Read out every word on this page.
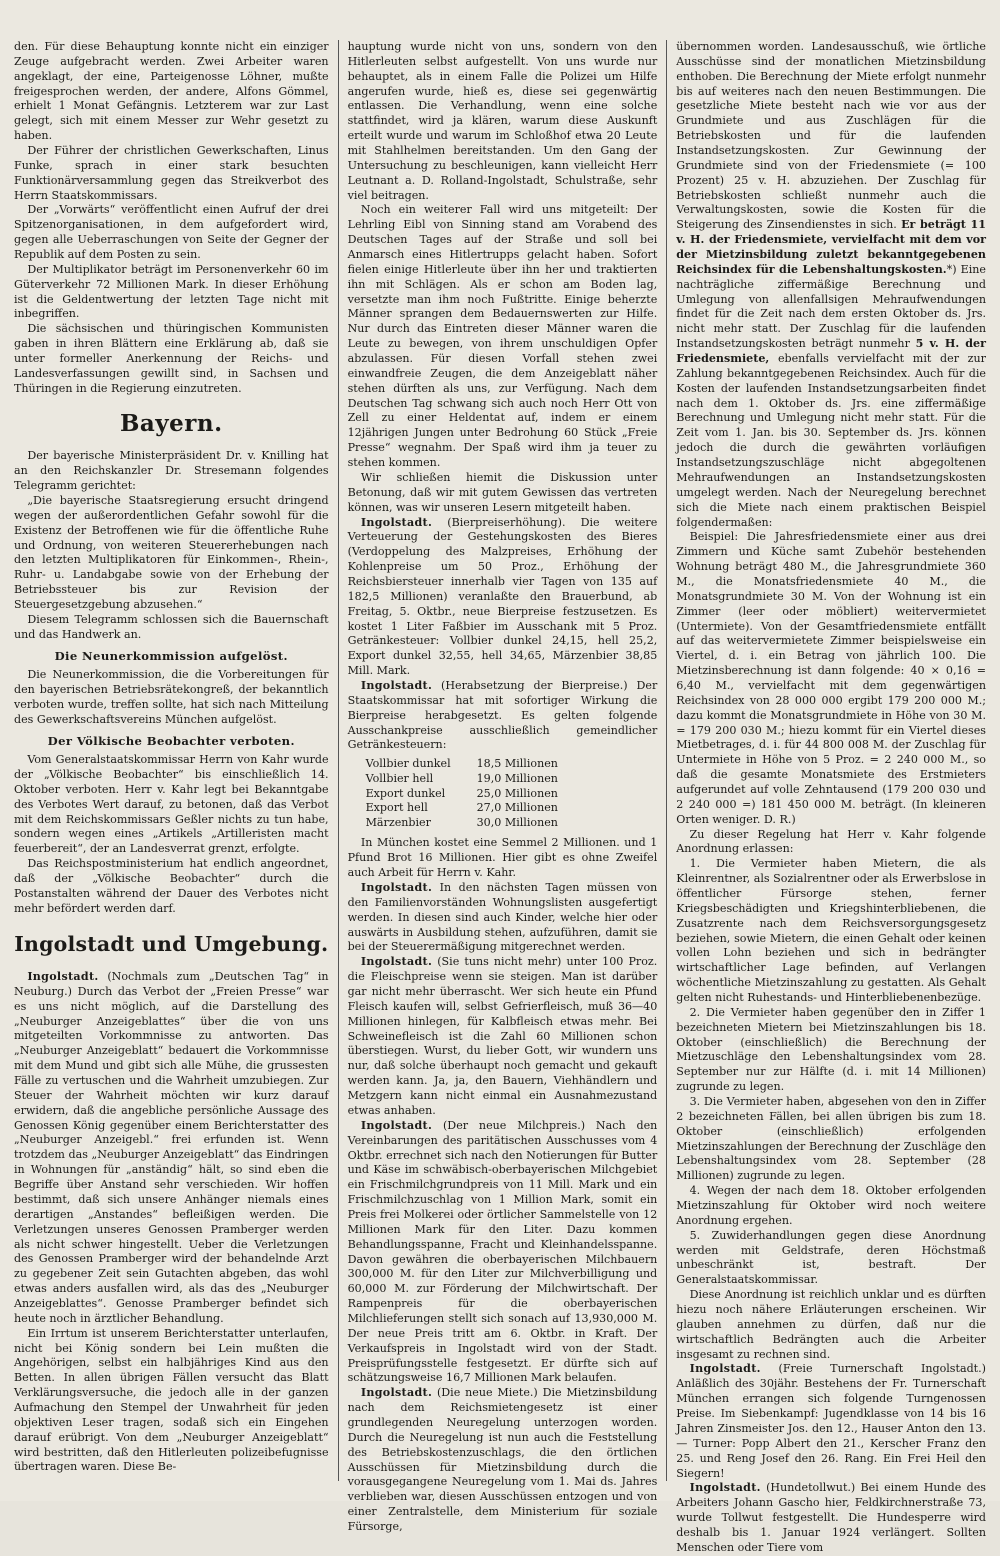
den. Für diese Behauptung konnte nicht ein einziger Zeuge aufgebracht werden. Zwei Arbeiter waren angeklagt, der eine, Parteigenosse Löhner, mußte freigesprochen werden, der andere, Alfons Gömmel, erhielt 1 Monat Gefängnis. Letzterem war zur Last gelegt, sich mit einem Messer zur Wehr gesetzt zu haben.

Der Führer der christlichen Gewerkschaften, Linus Funke, sprach in einer stark besuchten Funktionärversammlung gegen das Streikverbot des Herrn Staatskommissars.

Der „Vorwärts“ veröffentlicht einen Aufruf der drei Spitzenorganisationen, in dem aufgefordert wird, gegen alle Ueberraschungen von Seite der Gegner der Republik auf dem Posten zu sein.

Der Multiplikator beträgt im Personenverkehr 60 im Güterverkehr 72 Millionen Mark. In dieser Erhöhung ist die Geldentwertung der letzten Tage nicht mit inbegriffen.

Die sächsischen und thüringischen Kommunisten gaben in ihren Blättern eine Erklärung ab, daß sie unter formeller Anerkennung der Reichs- und Landesverfassungen gewillt sind, in Sachsen und Thüringen in die Regierung einzutreten.

Bayern.

Der bayerische Ministerpräsident Dr. v. Knilling hat an den Reichskanzler Dr. Stresemann folgendes Telegramm gerichtet:

„Die bayerische Staatsregierung ersucht dringend wegen der außerordentlichen Gefahr sowohl für die Existenz der Betroffenen wie für die öffentliche Ruhe und Ordnung, von weiteren Steuererhebungen nach den letzten Multiplikatoren für Einkommen-, Rhein-, Ruhr- u. Landabgabe sowie von der Erhebung der Betriebssteuer bis zur Revision der Steuergesetzgebung abzusehen.“

Diesem Telegramm schlossen sich die Bauernschaft und das Handwerk an.

Die Neunerkommission aufgelöst.

Die Neunerkommission, die die Vorbereitungen für den bayerischen Betriebsrätekongreß, der bekanntlich verboten wurde, treffen sollte, hat sich nach Mitteilung des Gewerkschaftsvereins München aufgelöst.

Der Völkische Beobachter verboten.

Vom Generalstaatskommissar Herrn von Kahr wurde der „Völkische Beobachter“ bis einschließlich 14. Oktober verboten. Herr v. Kahr legt bei Bekanntgabe des Verbotes Wert darauf, zu betonen, daß das Verbot mit dem Reichskommissars Geßler nichts zu tun habe, sondern wegen eines „Artikels „Artilleristen macht feuerbereit“, der an Landesverrat grenzt, erfolgte.

Das Reichspostministerium hat endlich angeordnet, daß der „Völkische Beobachter“ durch die Postanstalten während der Dauer des Verbotes nicht mehr befördert werden darf.

Ingolstadt und Umgebung.

Ingolstadt. (Nochmals zum „Deutschen Tag“ in Neuburg.) Durch das Verbot der „Freien Presse“ war es uns nicht möglich, auf die Darstellung des „Neuburger Anzeigeblattes“ über die von uns mitgeteilten Vorkommnisse zu antworten. Das „Neuburger Anzeigeblatt“ bedauert die Vorkommnisse mit dem Mund und gibt sich alle Mühe, die grussesten Fälle zu vertuschen und die Wahrheit umzubiegen. Zur Steuer der Wahrheit möchten wir kurz darauf erwidern, daß die angebliche persönliche Aussage des Genossen König gegenüber einem Berichterstatter des „Neuburger Anzeigebl.“ frei erfunden ist. Wenn trotzdem das „Neuburger Anzeigeblatt“ das Eindringen in Wohnungen für „anständig“ hält, so sind eben die Begriffe über Anstand sehr verschieden. Wir hoffen bestimmt, daß sich unsere Anhänger niemals eines derartigen „Anstandes“ befleißigen werden. Die Verletzungen unseres Genossen Pramberger werden als nicht schwer hingestellt. Ueber die Verletzungen des Genossen Pramberger wird der behandelnde Arzt zu gegebener Zeit sein Gutachten abgeben, das wohl etwas anders ausfallen wird, als das des „Neuburger Anzeigeblattes“. Genosse Pramberger befindet sich heute noch in ärztlicher Behandlung.

Ein Irrtum ist unserem Berichterstatter unterlaufen, nicht bei König sondern bei Lein mußten die Angehörigen, selbst ein halbjähriges Kind aus den Betten. In allen übrigen Fällen versucht das Blatt Verklärungsversuche, die jedoch alle in der ganzen Aufmachung den Stempel der Unwahrheit für jeden objektiven Leser tragen, sodaß sich ein Eingehen darauf erübrigt. Von dem „Neuburger Anzeigeblatt“ wird bestritten, daß den Hitlerleuten polizeibefugnisse übertragen waren. Diese Be-

hauptung wurde nicht von uns, sondern von den Hitlerleuten selbst aufgestellt. Von uns wurde nur behauptet, als in einem Falle die Polizei um Hilfe angerufen wurde, hieß es, diese sei gegenwärtig entlassen. Die Verhandlung, wenn eine solche stattfindet, wird ja klären, warum diese Auskunft erteilt wurde und warum im Schloßhof etwa 20 Leute mit Stahlhelmen bereitstanden. Um den Gang der Untersuchung zu beschleunigen, kann vielleicht Herr Leutnant a. D. Rolland-Ingolstadt, Schulstraße, sehr viel beitragen.

Noch ein weiterer Fall wird uns mitgeteilt: Der Lehrling Eibl von Sinning stand am Vorabend des Deutschen Tages auf der Straße und soll bei Anmarsch eines Hitlertrupps gelacht haben. Sofort fielen einige Hitlerleute über ihn her und traktierten ihn mit Schlägen. Als er schon am Boden lag, versetzte man ihm noch Fußtritte. Einige beherzte Männer sprangen dem Bedauernswerten zur Hilfe. Nur durch das Eintreten dieser Männer waren die Leute zu bewegen, von ihrem unschuldigen Opfer abzulassen. Für diesen Vorfall stehen zwei einwandfreie Zeugen, die dem Anzeigeblatt näher stehen dürften als uns, zur Verfügung. Nach dem Deutschen Tag schwang sich auch noch Herr Ott von Zell zu einer Heldentat auf, indem er einem 12jährigen Jungen unter Bedrohung 60 Stück „Freie Presse“ wegnahm. Der Spaß wird ihm ja teuer zu stehen kommen.

Wir schließen hiemit die Diskussion unter Betonung, daß wir mit gutem Gewissen das vertreten können, was wir unseren Lesern mitgeteilt haben.

Ingolstadt. (Bierpreiserhöhung). Die weitere Verteuerung der Gestehungskosten des Bieres (Verdoppelung des Malzpreises, Erhöhung der Kohlenpreise um 50 Proz., Erhöhung der Reichsbiersteuer innerhalb vier Tagen von 135 auf 182,5 Millionen) veranlaßte den Brauerbund, ab Freitag, 5. Oktbr., neue Bierpreise festzusetzen. Es kostet 1 Liter Faßbier im Ausschank mit 5 Proz. Getränkesteuer: Vollbier dunkel 24,15, hell 25,2, Export dunkel 32,55, hell 34,65, Märzenbier 38,85 Mill. Mark.

Ingolstadt. (Herabsetzung der Bierpreise.) Der Staatskommissar hat mit sofortiger Wirkung die Bierpreise herabgesetzt. Es gelten folgende Ausschankpreise ausschließlich gemeindlicher Getränkesteuern:

Vollbier dunkel	18,5 Millionen
Vollbier hell	19,0 Millionen
Export dunkel	25,0 Millionen
Export hell	27,0 Millionen
Märzenbier	30,0 Millionen

In München kostet eine Semmel 2 Millionen. und 1 Pfund Brot 16 Millionen. Hier gibt es ohne Zweifel auch Arbeit für Herrn v. Kahr.

Ingolstadt. In den nächsten Tagen müssen von den Familienvorständen Wohnungslisten ausgefertigt werden. In diesen sind auch Kinder, welche hier oder auswärts in Ausbildung stehen, aufzuführen, damit sie bei der Steuerermäßigung mitgerechnet werden.

Ingolstadt. (Sie tuns nicht mehr) unter 100 Proz. die Fleischpreise wenn sie steigen. Man ist darüber gar nicht mehr überrascht. Wer sich heute ein Pfund Fleisch kaufen will, selbst Gefrierfleisch, muß 36—40 Millionen hinlegen, für Kalbfleisch etwas mehr. Bei Schweinefleisch ist die Zahl 60 Millionen schon überstiegen. Wurst, du lieber Gott, wir wundern uns nur, daß solche überhaupt noch gemacht und gekauft werden kann. Ja, ja, den Bauern, Viehhändlern und Metzgern kann nicht einmal ein Ausnahmezustand etwas anhaben.

Ingolstadt. (Der neue Milchpreis.) Nach den Vereinbarungen des paritätischen Ausschusses vom 4 Oktbr. errechnet sich nach den Notierungen für Butter und Käse im schwäbisch-oberbayerischen Milchgebiet ein Frischmilchgrundpreis von 11 Mill. Mark und ein Frischmilchzuschlag von 1 Million Mark, somit ein Preis frei Molkerei oder örtlicher Sammelstelle von 12 Millionen Mark für den Liter. Dazu kommen Behandlungsspanne, Fracht und Kleinhandelsspanne. Davon gewähren die oberbayerischen Milchbauern 300,000 M. für den Liter zur Milchverbilligung und 60,000 M. zur Förderung der Milchwirtschaft. Der Rampenpreis für die oberbayerischen Milchlieferungen stellt sich sonach auf 13,930,000 M. Der neue Preis tritt am 6. Oktbr. in Kraft. Der Verkaufspreis in Ingolstadt wird von der Stadt. Preisprüfungsstelle festgesetzt. Er dürfte sich auf schätzungsweise 16,7 Millionen Mark belaufen.

Ingolstadt. (Die neue Miete.) Die Mietzinsbildung nach dem Reichsmietengesetz ist einer grundlegenden Neuregelung unterzogen worden. Durch die Neuregelung ist nun auch die Feststellung des Betriebskostenzuschlags, die den örtlichen Ausschüssen für Mietzinsbildung durch die vorausgegangene Neuregelung vom 1. Mai ds. Jahres verblieben war, diesen Ausschüssen entzogen und von einer Zentralstelle, dem Ministerium für soziale Fürsorge,

übernommen worden. Landesausschuß, wie örtliche Ausschüsse sind der monatlichen Mietzinsbildung enthoben. Die Berechnung der Miete erfolgt nunmehr bis auf weiteres nach den neuen Bestimmungen. Die gesetzliche Miete besteht nach wie vor aus der Grundmiete und aus Zuschlägen für die Betriebskosten und für die laufenden Instandsetzungskosten. Zur Gewinnung der Grundmiete sind von der Friedensmiete (= 100 Prozent) 25 v. H. abzuziehen. Der Zuschlag für Betriebskosten schließt nunmehr auch die Verwaltungskosten, sowie die Kosten für die Steigerung des Zinsendienstes in sich. Er beträgt 11 v. H. der Friedensmiete, vervielfacht mit dem vor der Mietzinsbildung zuletzt bekanntgegebenen Reichsindex für die Lebenshaltungskosten.*) Eine nachträgliche ziffermäßige Berechnung und Umlegung von allenfallsigen Mehraufwendungen findet für die Zeit nach dem ersten Oktober ds. Jrs. nicht mehr statt. Der Zuschlag für die laufenden Instandsetzungskosten beträgt nunmehr 5 v. H. der Friedensmiete, ebenfalls vervielfacht mit der zur Zahlung bekanntgegebenen Reichsindex. Auch für die Kosten der laufenden Instandsetzungsarbeiten findet nach dem 1. Oktober ds. Jrs. eine ziffermäßige Berechnung und Umlegung nicht mehr statt. Für die Zeit vom 1. Jan. bis 30. September ds. Jrs. können jedoch die durch die gewährten vorläufigen Instandsetzungszuschläge nicht abgegoltenen Mehraufwendungen an Instandsetzungskosten umgelegt werden. Nach der Neuregelung berechnet sich die Miete nach einem praktischen Beispiel folgendermaßen:

Beispiel: Die Jahresfriedensmiete einer aus drei Zimmern und Küche samt Zubehör bestehenden Wohnung beträgt 480 M., die Jahresgrundmiete 360 M., die Monatsfriedensmiete 40 M., die Monatsgrundmiete 30 M. Von der Wohnung ist ein Zimmer (leer oder möbliert) weitervermietet (Untermiete). Von der Gesamtfriedensmiete entfällt auf das weitervermietete Zimmer beispielsweise ein Viertel, d. i. ein Betrag von jährlich 100. Die Mietzinsberechnung ist dann folgende: 40 × 0,16 = 6,40 M., vervielfacht mit dem gegenwärtigen Reichsindex von 28 000 000 ergibt 179 200 000 M.; dazu kommt die Monatsgrundmiete in Höhe von 30 M. = 179 200 030 M.; hiezu kommt für ein Viertel dieses Mietbetrages, d. i. für 44 800 008 M. der Zuschlag für Untermiete in Höhe von 5 Proz. = 2 240 000 M., so daß die gesamte Monatsmiete des Erstmieters aufgerundet auf volle Zehntausend (179 200 030 und 2 240 000 =) 181 450 000 M. beträgt. (In kleineren Orten weniger. D. R.)

Zu dieser Regelung hat Herr v. Kahr folgende Anordnung erlassen:

1. Die Vermieter haben Mietern, die als Kleinrentner, als Sozialrentner oder als Erwerbslose in öffentlicher Fürsorge stehen, ferner Kriegsbeschädigten und Kriegshinterbliebenen, die Zusatzrente nach dem Reichsversorgungsgesetz beziehen, sowie Mietern, die einen Gehalt oder keinen vollen Lohn beziehen und sich in bedrängter wirtschaftlicher Lage befinden, auf Verlangen wöchentliche Mietzinszahlung zu gestatten. Als Gehalt gelten nicht Ruhestands- und Hinterbliebenenbezüge.

2. Die Vermieter haben gegenüber den in Ziffer 1 bezeichneten Mietern bei Mietzinszahlungen bis 18. Oktober (einschließlich) die Berechnung der Mietzuschläge den Lebenshaltungsindex vom 28. September nur zur Hälfte (d. i. mit 14 Millionen) zugrunde zu legen.

3. Die Vermieter haben, abgesehen von den in Ziffer 2 bezeichneten Fällen, bei allen übrigen bis zum 18. Oktober (einschließlich) erfolgenden Mietzinszahlungen der Berechnung der Zuschläge den Lebenshaltungsindex vom 28. September (28 Millionen) zugrunde zu legen.

4. Wegen der nach dem 18. Oktober erfolgenden Mietzinszahlung für Oktober wird noch weitere Anordnung ergehen.

5. Zuwiderhandlungen gegen diese Anordnung werden mit Geldstrafe, deren Höchstmaß unbeschränkt ist, bestraft. Der Generalstaatskommissar.

Diese Anordnung ist reichlich unklar und es dürften hiezu noch nähere Erläuterungen erscheinen. Wir glauben annehmen zu dürfen, daß nur die wirtschaftlich Bedrängten auch die Arbeiter insgesamt zu rechnen sind.

Ingolstadt. (Freie Turnerschaft Ingolstadt.) Anläßlich des 30jähr. Bestehens der Fr. Turnerschaft München errangen sich folgende Turngenossen Preise. Im Siebenkampf: Jugendklasse von 14 bis 16 Jahren Zinsmeister Jos. den 12., Hauser Anton den 13. — Turner: Popp Albert den 21., Kerscher Franz den 25. und Reng Josef den 26. Rang. Ein Frei Heil den Siegern!

Ingolstadt. (Hundetollwut.) Bei einem Hunde des Arbeiters Johann Gascho hier, Feldkirchnerstraße 73, wurde Tollwut festgestellt. Die Hundesperre wird deshalb bis 1. Januar 1924 verlängert. Sollten Menschen oder Tiere vom
